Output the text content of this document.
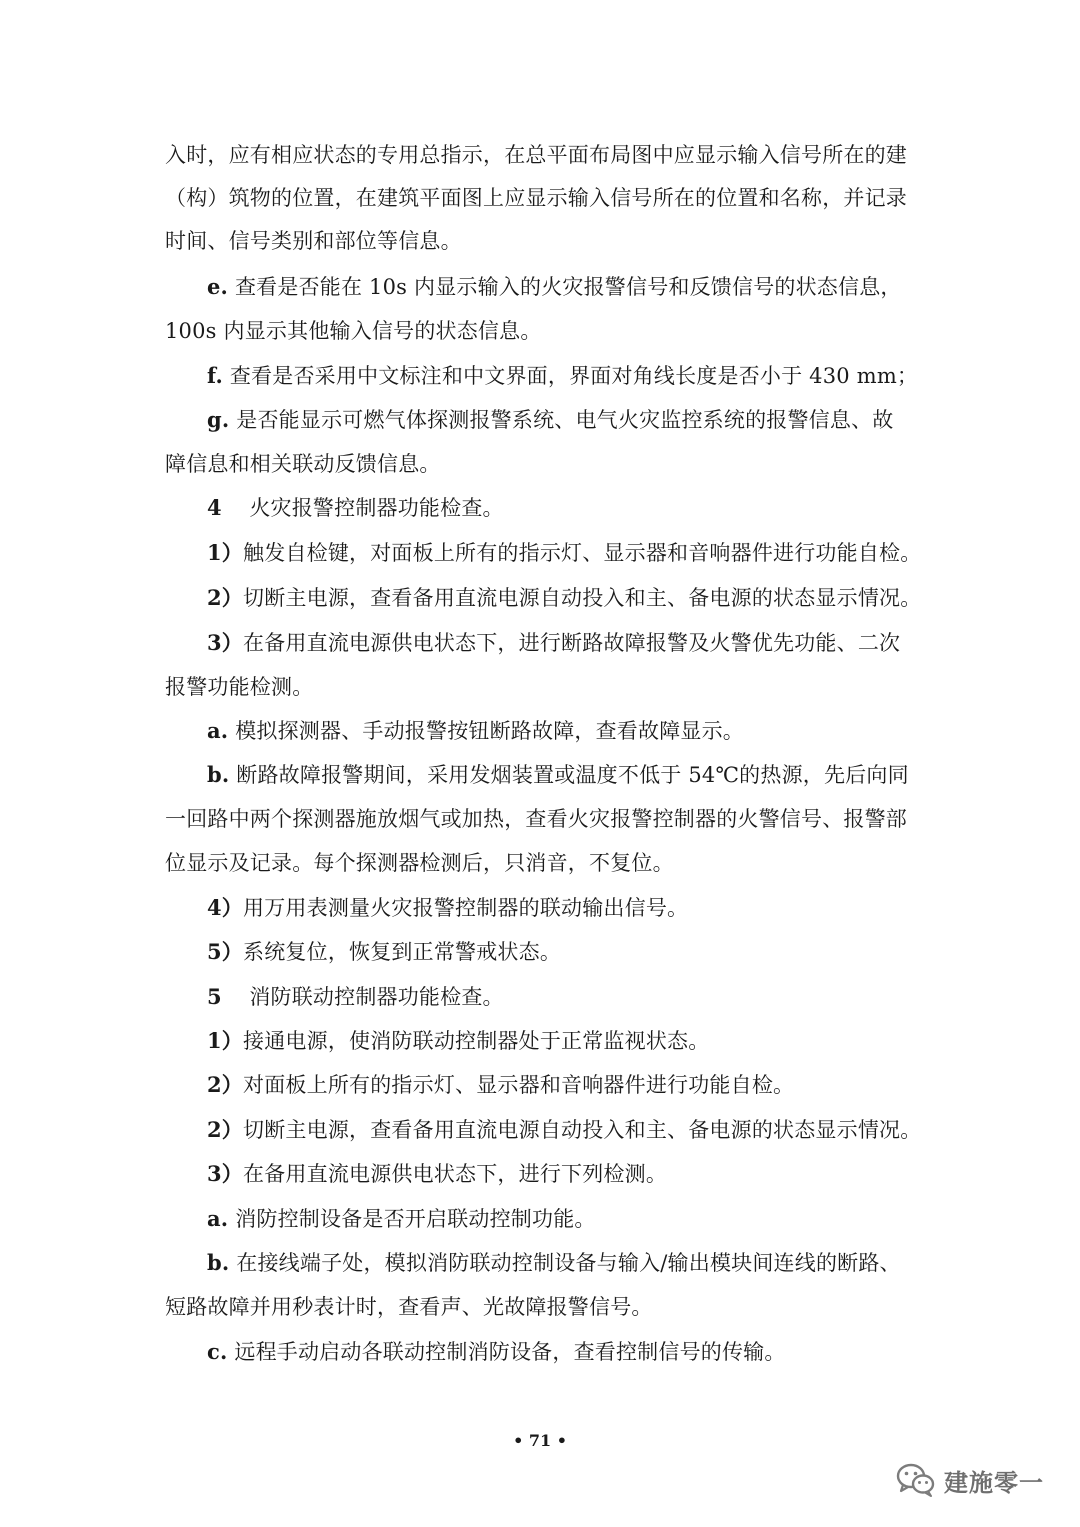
入时，应有相应状态的专用总指示，在总平面布局图中应显示输入信号所在的建
（构）筑物的位置，在建筑平面图上应显示输入信号所在的位置和名称，并记录
时间、信号类别和部位等信息。
e. 查看是否能在 10s 内显示输入的火灾报警信号和反馈信号的状态信息，
100s 内显示其他输入信号的状态信息。
f. 查看是否采用中文标注和中文界面，界面对角线长度是否小于 430 mm；
g. 是否能显示可燃气体探测报警系统、电气火灾监控系统的报警信息、故
障信息和相关联动反馈信息。
4    火灾报警控制器功能检查。
1）触发自检键，对面板上所有的指示灯、显示器和音响器件进行功能自检。
2）切断主电源，查看备用直流电源自动投入和主、备电源的状态显示情况。
3）在备用直流电源供电状态下，进行断路故障报警及火警优先功能、二次
报警功能检测。
a. 模拟探测器、手动报警按钮断路故障，查看故障显示。
b. 断路故障报警期间，采用发烟装置或温度不低于 54℃的热源，先后向同
一回路中两个探测器施放烟气或加热，查看火灾报警控制器的火警信号、报警部
位显示及记录。每个探测器检测后，只消音，不复位。
4）用万用表测量火灾报警控制器的联动输出信号。
5）系统复位，恢复到正常警戒状态。
5    消防联动控制器功能检查。
1）接通电源，使消防联动控制器处于正常监视状态。
2）对面板上所有的指示灯、显示器和音响器件进行功能自检。
2）切断主电源，查看备用直流电源自动投入和主、备电源的状态显示情况。
3）在备用直流电源供电状态下，进行下列检测。
a. 消防控制设备是否开启联动控制功能。
b. 在接线端子处，模拟消防联动控制设备与输入/输出模块间连线的断路、
短路故障并用秒表计时，查看声、光故障报警信号。
c. 远程手动启动各联动控制消防设备，查看控制信号的传输。
• 71 •
建施零一
